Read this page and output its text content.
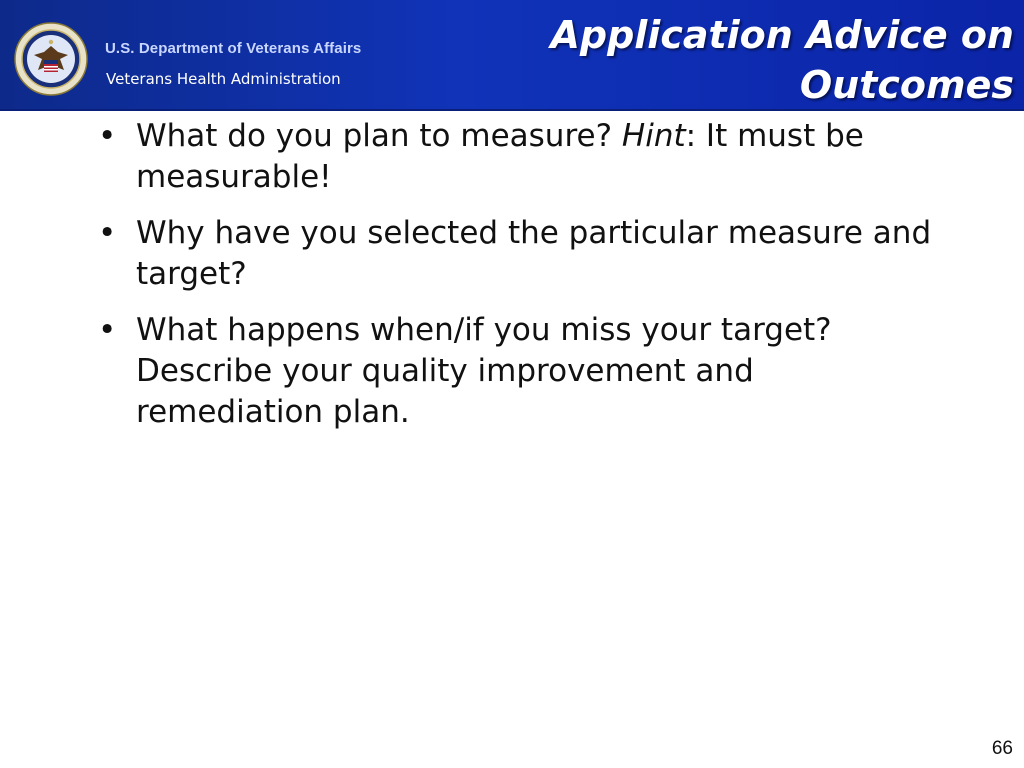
U.S. Department of Veterans Affairs
Veterans Health Administration
Application Advice on
Outcomes
• What do you plan to measure? Hint: It must be measurable!
• Why have you selected the particular measure and target?
• What happens when/if you miss your target? Describe your quality improvement and remediation plan.
66
